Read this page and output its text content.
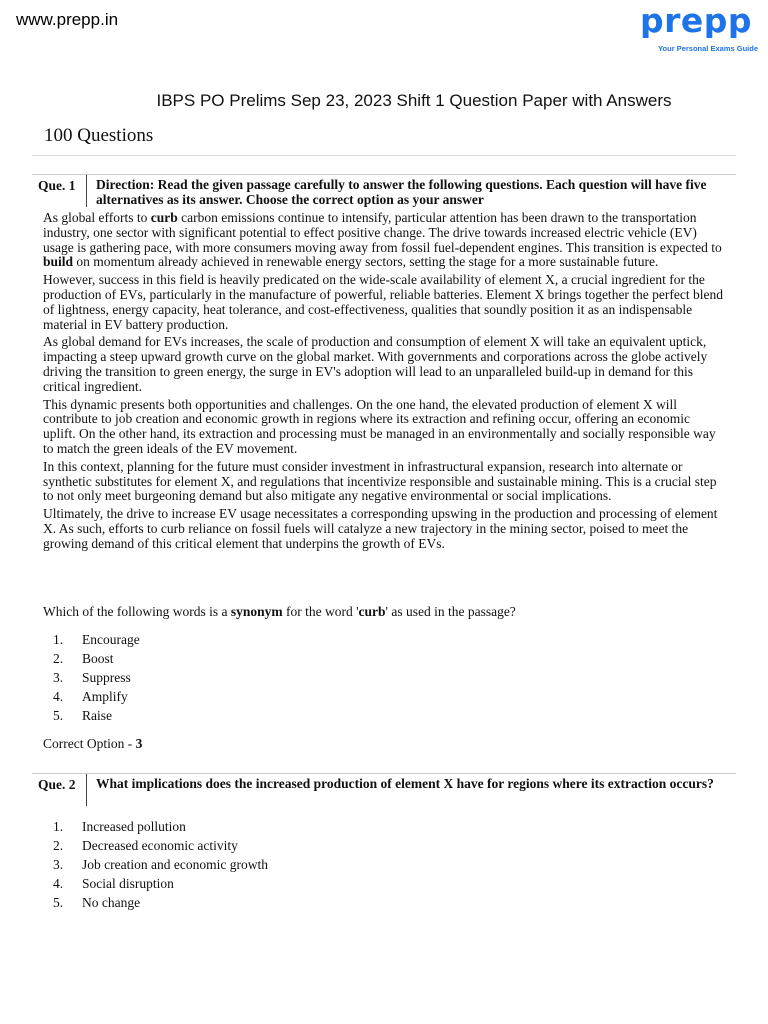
www.prepp.in	prepp
Your Personal Exams Guide
IBPS PO Prelims Sep 23, 2023 Shift 1 Question Paper with Answers
100 Questions
Que. 1 Direction: Read the given passage carefully to answer the following questions. Each question will have five alternatives as its answer. Choose the correct option as your answer

As global efforts to curb carbon emissions continue to intensify, particular attention has been drawn to the transportation industry, one sector with significant potential to effect positive change. The drive towards increased electric vehicle (EV) usage is gathering pace, with more consumers moving away from fossil fuel-dependent engines. This transition is expected to build on momentum already achieved in renewable energy sectors, setting the stage for a more sustainable future.

However, success in this field is heavily predicated on the wide-scale availability of element X, a crucial ingredient for the production of EVs, particularly in the manufacture of powerful, reliable batteries. Element X brings together the perfect blend of lightness, energy capacity, heat tolerance, and cost-effectiveness, qualities that soundly position it as an indispensable material in EV battery production.

As global demand for EVs increases, the scale of production and consumption of element X will take an equivalent uptick, impacting a steep upward growth curve on the global market. With governments and corporations across the globe actively driving the transition to green energy, the surge in EV's adoption will lead to an unparalleled build-up in demand for this critical ingredient.

This dynamic presents both opportunities and challenges. On the one hand, the elevated production of element X will contribute to job creation and economic growth in regions where its extraction and refining occur, offering an economic uplift. On the other hand, its extraction and processing must be managed in an environmentally and socially responsible way to match the green ideals of the EV movement.

In this context, planning for the future must consider investment in infrastructural expansion, research into alternate or synthetic substitutes for element X, and regulations that incentivize responsible and sustainable mining. This is a crucial step to not only meet burgeoning demand but also mitigate any negative environmental or social implications.

Ultimately, the drive to increase EV usage necessitates a corresponding upswing in the production and processing of element X. As such, efforts to curb reliance on fossil fuels will catalyze a new trajectory in the mining sector, poised to meet the growing demand of this critical element that underpins the growth of EVs.

Which of the following words is a synonym for the word 'curb' as used in the passage?
1. Encourage
2. Boost
3. Suppress
4. Amplify
5. Raise
Correct Option - 3
Que. 2 What implications does the increased production of element X have for regions where its extraction occurs?
1. Increased pollution
2. Decreased economic activity
3. Job creation and economic growth
4. Social disruption
5. No change
